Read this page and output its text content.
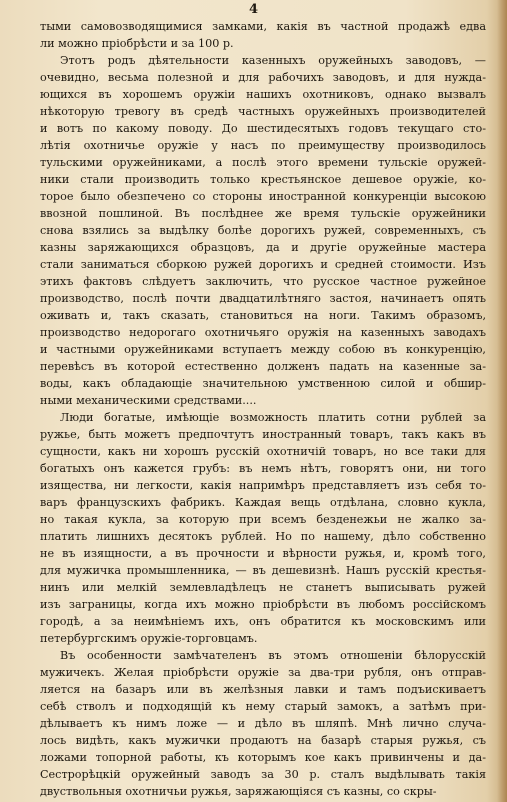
4
тыми самовозводящимися замками, какія въ частной продажѣ едва
ли можно пріобрѣсти и за 100 р.
Этотъ родъ дѣятельности казенныхъ оружейныхъ заводовъ, —
очевидно, весьма полезной и для рабочихъ заводовъ, и для нужда-
ющихся въ хорошемъ оружіи нашихъ охотниковъ, однако вызвалъ
нѣкоторую тревогу въ средѣ частныхъ оружейныхъ производителей
и вотъ по какому поводу. До шестидесятыхъ годовъ текущаго сто-
лѣтія охотничье оружіе у насъ по преимуществу производилось
тульскими оружейниками, а послѣ этого времени тульскіе оружей-
ники стали производить только крестьянское дешевое оружіе, ко-
торое было обезпечено со стороны иностранной конкуренціи высокою
ввозной пошлиной. Въ послѣднее же время тульскіе оружейники
снова взялись за выдѣлку болѣе дорогихъ ружей, современныхъ, съ
казны заряжающихся образцовъ, да и другіе оружейные мастера
стали заниматься сборкою ружей дорогихъ и средней стоимости. Изъ
этихъ фактовъ слѣдуетъ заключить, что русское частное ружейное
производство, послѣ почти двадцатилѣтняго застоя, начинаетъ опять
оживать и, такъ сказать, становиться на ноги. Такимъ образомъ,
производство недорогаго охотничьяго оружія на казенныхъ заводахъ
и частными оружейниками вступаетъ между собою въ конкуренцію,
перевѣсъ въ которой естественно долженъ падать на казенные за-
воды, какъ обладающіе значительною умственною силой и обшир-
ными механическими средствами....
Люди богатые, имѣющіе возможность платить сотни рублей за
ружье, быть можетъ предпочтутъ иностранный товаръ, такъ какъ въ
сущности, какъ ни хорошъ русскій охотничій товаръ, но все таки для
богатыхъ онъ кажется грубъ: въ немъ нѣтъ, говорятъ они, ни того
изящества, ни легкости, какія напримѣръ представляетъ изъ себя то-
варъ французскихъ фабрикъ. Каждая вещь отдѣлана, словно кукла,
но такая кукла, за которую при всемъ безденежьи не жалко за-
платить лишнихъ десятокъ рублей. Но по нашему, дѣло собственно
не въ изящности, а въ прочности и вѣрности ружья, и, кромѣ того,
для мужичка промышленника, — въ дешевизнѣ. Нашъ русскій крестья-
нинъ или мелкій землевладѣлецъ не станетъ выписывать ружей
изъ заграницы, когда ихъ можно пріобрѣсти въ любомъ россійскомъ
городѣ, а за неимѣніемъ ихъ, онъ обратится къ московскимъ или
петербургскимъ оружіе-торговцамъ.
Въ особенности замѣчателенъ въ этомъ отношеніи бѣлорусскій
мужичекъ. Желая пріобрѣсти оружіе за два-три рубля, онъ отправ-
ляется на базаръ или въ желѣзныя лавки и тамъ подъискиваетъ
себѣ стволъ и подходящій къ нему старый замокъ, а затѣмъ при-
дѣлываетъ къ нимъ ложе — и дѣло въ шляпѣ. Мнѣ лично случа-
лось видѣть, какъ мужички продаютъ на базарѣ старыя ружья, съ
ложами топорной работы, къ которымъ кое какъ привинчены и да-
Сестрорѣцкій оружейный заводъ за 30 р. сталъ выдѣлывать такія
двуствольныя охотничьи ружья, заряжающіяся съ казны, со скры-
